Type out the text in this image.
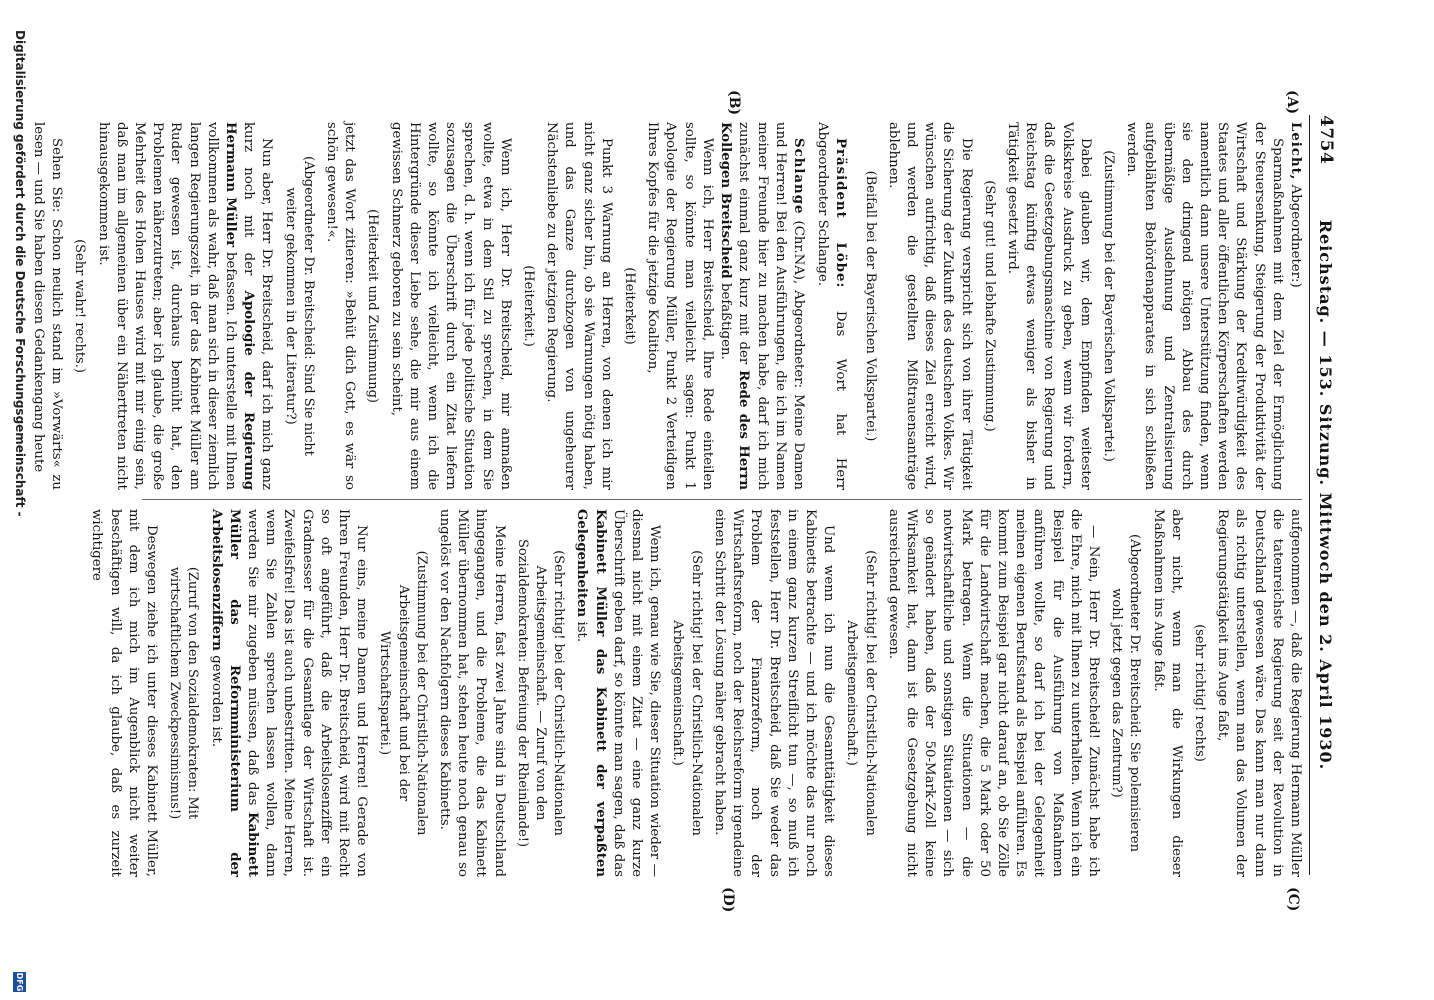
4754
Reichstag. — 153. Sitzung. Mittwoch den 2. April 1930.
(A)
(B)
(C)
(D)

Leicht, Abgeordneter:)

Sparmaßnahmen mit dem Ziel der Ermöglichung der Steuersenkung, Steigerung der Produktivität der Wirtschaft und Stärkung der Kreditwürdigkeit des Staates und aller öffentlichen Körperschaften werden namentlich dann unsere Unterstützung finden, wenn sie den dringend nötigen Abbau des durch übermäßige Ausdehnung und Zentralisierung aufgeblähten Behördenapparates in sich schließen werden.

(Zustimmung bei der Bayerischen Volkspartei.)

Dabei glauben wir, dem Empfinden weitester Volkskreise Ausdruck zu geben, wenn wir fordern, daß die Gesetzgebungsmaschine von Regierung und Reichstag künftig etwas weniger als bisher in Tätigkeit gesetzt wird.

(Sehr gut! und lebhafte Zustimmung.)

Die Regierung verspricht sich von ihrer Tätigkeit die Sicherung der Zukunft des deutschen Volkes. Wir wünschen aufrichtig, daß dieses Ziel erreicht wird, und werden die gestellten Mißtrauensanträge ablehnen.

(Beifall bei der Bayerischen Volkspartei.)

Präsident Löbe: Das Wort hat Herr Abgeordneter Schlange.

Schlange (Chr.NA), Abgeordneter: Meine Damen und Herren! Bei den Ausführungen, die ich im Namen meiner Freunde hier zu machen habe, darf ich mich zunächst einmal ganz kurz mit der Rede des Herrn Kollegen Breitscheid befaßtigen.

Wenn ich, Herr Breitscheid, Ihre Rede einteilen sollte, so könnte man vielleicht sagen: Punkt 1 Apologie der Regierung Müller, Punkt 2 Verteidigen Ihres Kopfes für die jetzige Koalition,

(Heiterkeit)

Punkt 3 Warnung an Herren, von denen ich mir nicht ganz sicher bin, ob sie Warnungen nötig haben, und das Ganze durchzogen von ungeheurer Nächstenliebe zu der jetzigen Regierung.

(Heiterkeit.)

Wenn ich, Herr Dr. Breitscheid, mir anmaßen wollte, etwa in dem Stil zu sprechen, in dem Sie sprechen, d. h. wenn ich für jede politische Situation sozusagen die Überschrift durch ein Zitat liefern wollte, so könnte ich vielleicht, wenn ich die Hintergründe dieser Liebe sehe, die mir aus einem gewissen Schmerz geboren zu sein scheint,

(Heiterkeit und Zustimmung)

jetzt das Wort zitieren: »Behüt dich Gott, es wär so schön gewesen!«.

(Abgeordneter Dr. Breitscheid: Sind Sie nicht weiter gekommen in der Literatur?)

Nun aber, Herr Dr. Breitscheid, darf ich mich ganz kurz noch mit der Apologie der Regierung Hermann Müller befassen. Ich unterstelle mit Ihnen vollkommen als wahr, daß man sich in dieser ziemlich langen Regierungszeit, in der das Kabinett Müller am Ruder gewesen ist, durchaus bemüht hat, den Problemen näherzutreten; aber ich glaube, die große Mehrheit des Hohen Hauses wird mit mir einig sein, daß man im allgemeinen über ein Näherttreten nicht hinausgekommen ist.

(Sehr wahr! rechts.)

Sehen Sie: Schon neulich stand im »Vorwärts« zu lesen — und Sie haben diesen Gedankengang heute

aufgenommen —, daß die Regierung Hermann Müller die tatenreichste Regierung seit der Revolution in Deutschland gewesen wäre. Das kann man nur dann als richtig unterstellen, wenn man das Volumen der Regierungstätigkeit ins Auge faßt,

(sehr richtig! rechts)

aber nicht, wenn man die Wirkungen dieser Maßnahmen ins Auge faßt.

(Abgeordneter Dr. Breitscheid: Sie polemisieren wohl jetzt gegen das Zentrum?)

— Nein, Herr Dr. Breitscheid! Zunächst habe ich die Ehre, mich mit Ihnen zu unterhalten. Wenn ich ein Beispiel für die Ausführung von Maßnahmen anführen wollte, so darf ich bei der Gelegenheit meinen eigenen Berufsstand als Beispiel anführen. Es kommt zum Beispiel gar nicht darauf an, ob Sie Zölle für die Landwirtschaft machen, die 5 Mark oder 50 Mark betragen. Wenn die Situationen — die notwirtschaftliche und sonstigen Situationen — sich so geändert haben, daß der 50-Mark-Zoll keine Wirksamkeit hat, dann ist die Gesetzgebung nicht ausreichend gewesen.

(Sehr richtig! bei der Christlich-Nationalen Arbeitsgemeinschaft.)

Und wenn ich nun die Gesamttätigkeit dieses Kabinetts betrachte — und ich möchte das nur noch in einem ganz kurzen Streiflicht tun —, so muß ich feststellen, Herr Dr. Breitscheid, daß Sie weder das Problem der Finanzreform, noch der Wirtschaftsreform, noch der Reichsreform irgendeine einen Schritt der Lösung näher gebracht haben.

(Sehr richtig! bei der Christlich-Nationalen Arbeitsgemeinschaft.)

Wenn ich, genau wie Sie, dieser Situation wieder — diesmal nicht mit einem Zitat — eine ganz kurze Überschrift geben darf, so könnte man sagen, daß das Kabinett Müller das Kabinett der verpaßten Gelegenheiten ist.

(Sehr richtig! bei der Christlich-Nationalen Arbeitsgemeinschaft. — Zuruf von den Sozialdemokraten: Befreiung der Rheinlande!)

Meine Herren, fast zwei Jahre sind in Deutschland hingegangen, und die Probleme, die das Kabinett Müller übernommen hat, stehen heute noch genau so ungelöst vor den Nachfolgern dieses Kabinetts.

(Zustimmung bei der Christlich-Nationalen Arbeitsgemeinschaft und bei der Wirtschaftspartei.)

Nur eins, meine Damen und Herren! Gerade von Ihren Freunden, Herr Dr. Breitscheid, wird mit Recht so oft angeführt, daß die Arbeitslosenziffer ein Gradmesser für die Gesamtlage der Wirtschaft ist. Zweifelsfrei! Das ist auch unbestritten. Meine Herren, wenn Sie Zahlen sprechen lassen wollen, dann werden Sie mir zugeben müssen, daß das Kabinett Müller das Reformministerium der Arbeitslosenziffern geworden ist.

(Zuruf von den Sozialdemokraten: Mit wirtschaftlichem Zweckpessimismus!)

Deswegen ziehe ich unter dieses Kabinett Müller, mit dem ich mich im Augenblick nicht weiter beschäftigen will, da ich glaube, daß es zurzeit wichtigere

Digitalisierung gefördert durch die Deutsche Forschungsgemeinschaft -
DFG
